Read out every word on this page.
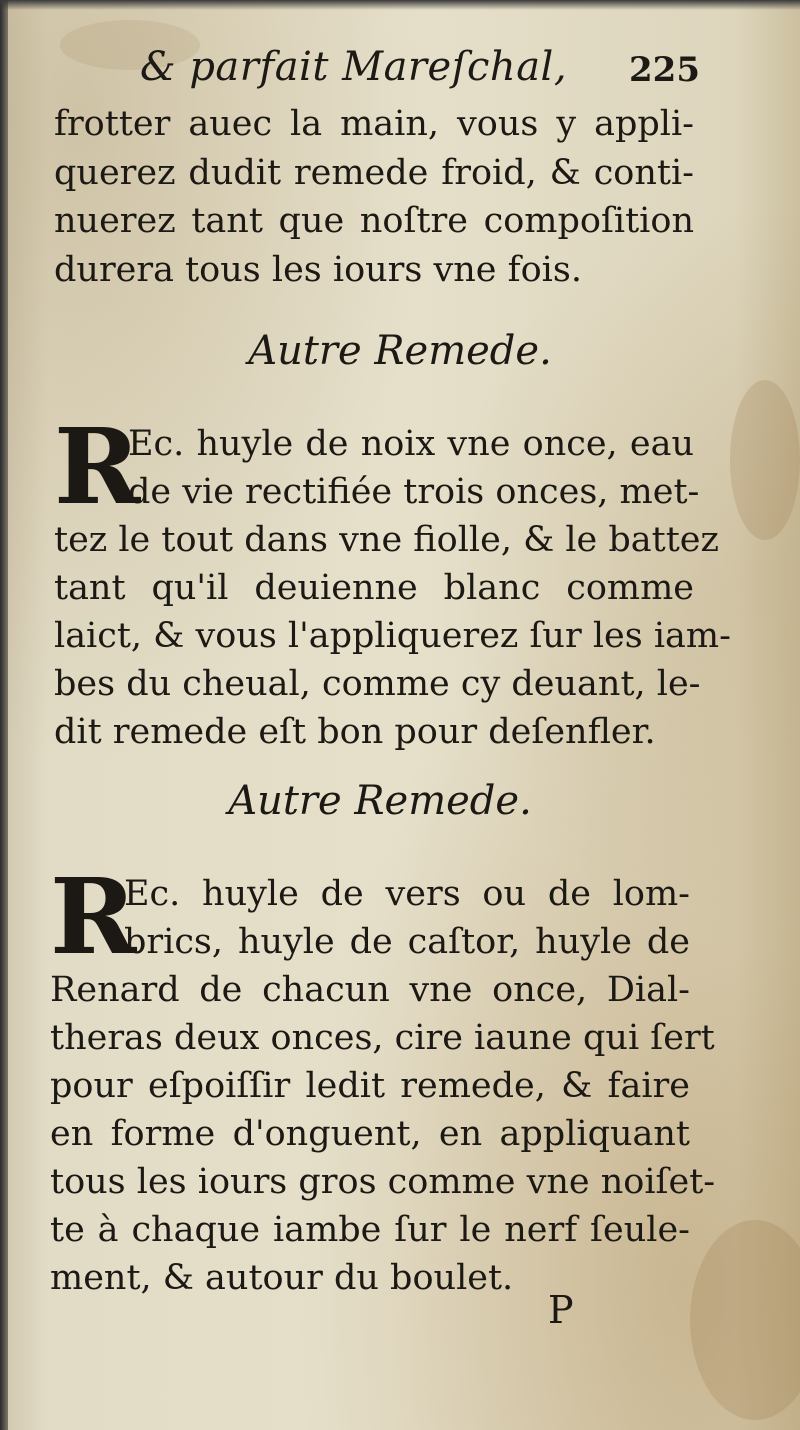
& parfait Mareſchal, 225
frotter auec la main, vous y appli-
querez dudit remede froid, & conti-
nuerez tant que noſtre compoſition
durera tous les iours vne fois.
Autre Remede.
R
Ec. huyle de noix vne once, eau
de vie rectifiée trois onces, met-
tez le tout dans vne fiolle, & le battez
tant qu'il deuienne blanc comme
laict, & vous l'appliquerez ſur les iam-
bes du cheual, comme cy deuant, le-
dit remede eſt bon pour deſenfler.
Autre Remede.
R
Ec. huyle de vers ou de lom-
brics, huyle de caſtor, huyle de
Renard de chacun vne once, Dial-
theras deux onces, cire iaune qui ſert
pour eſpoiſſir ledit remede, & faire
en forme d'onguent, en appliquant
tous les iours gros comme vne noiſet-
te à chaque iambe ſur le nerf ſeule-
ment, & autour du boulet.
P
